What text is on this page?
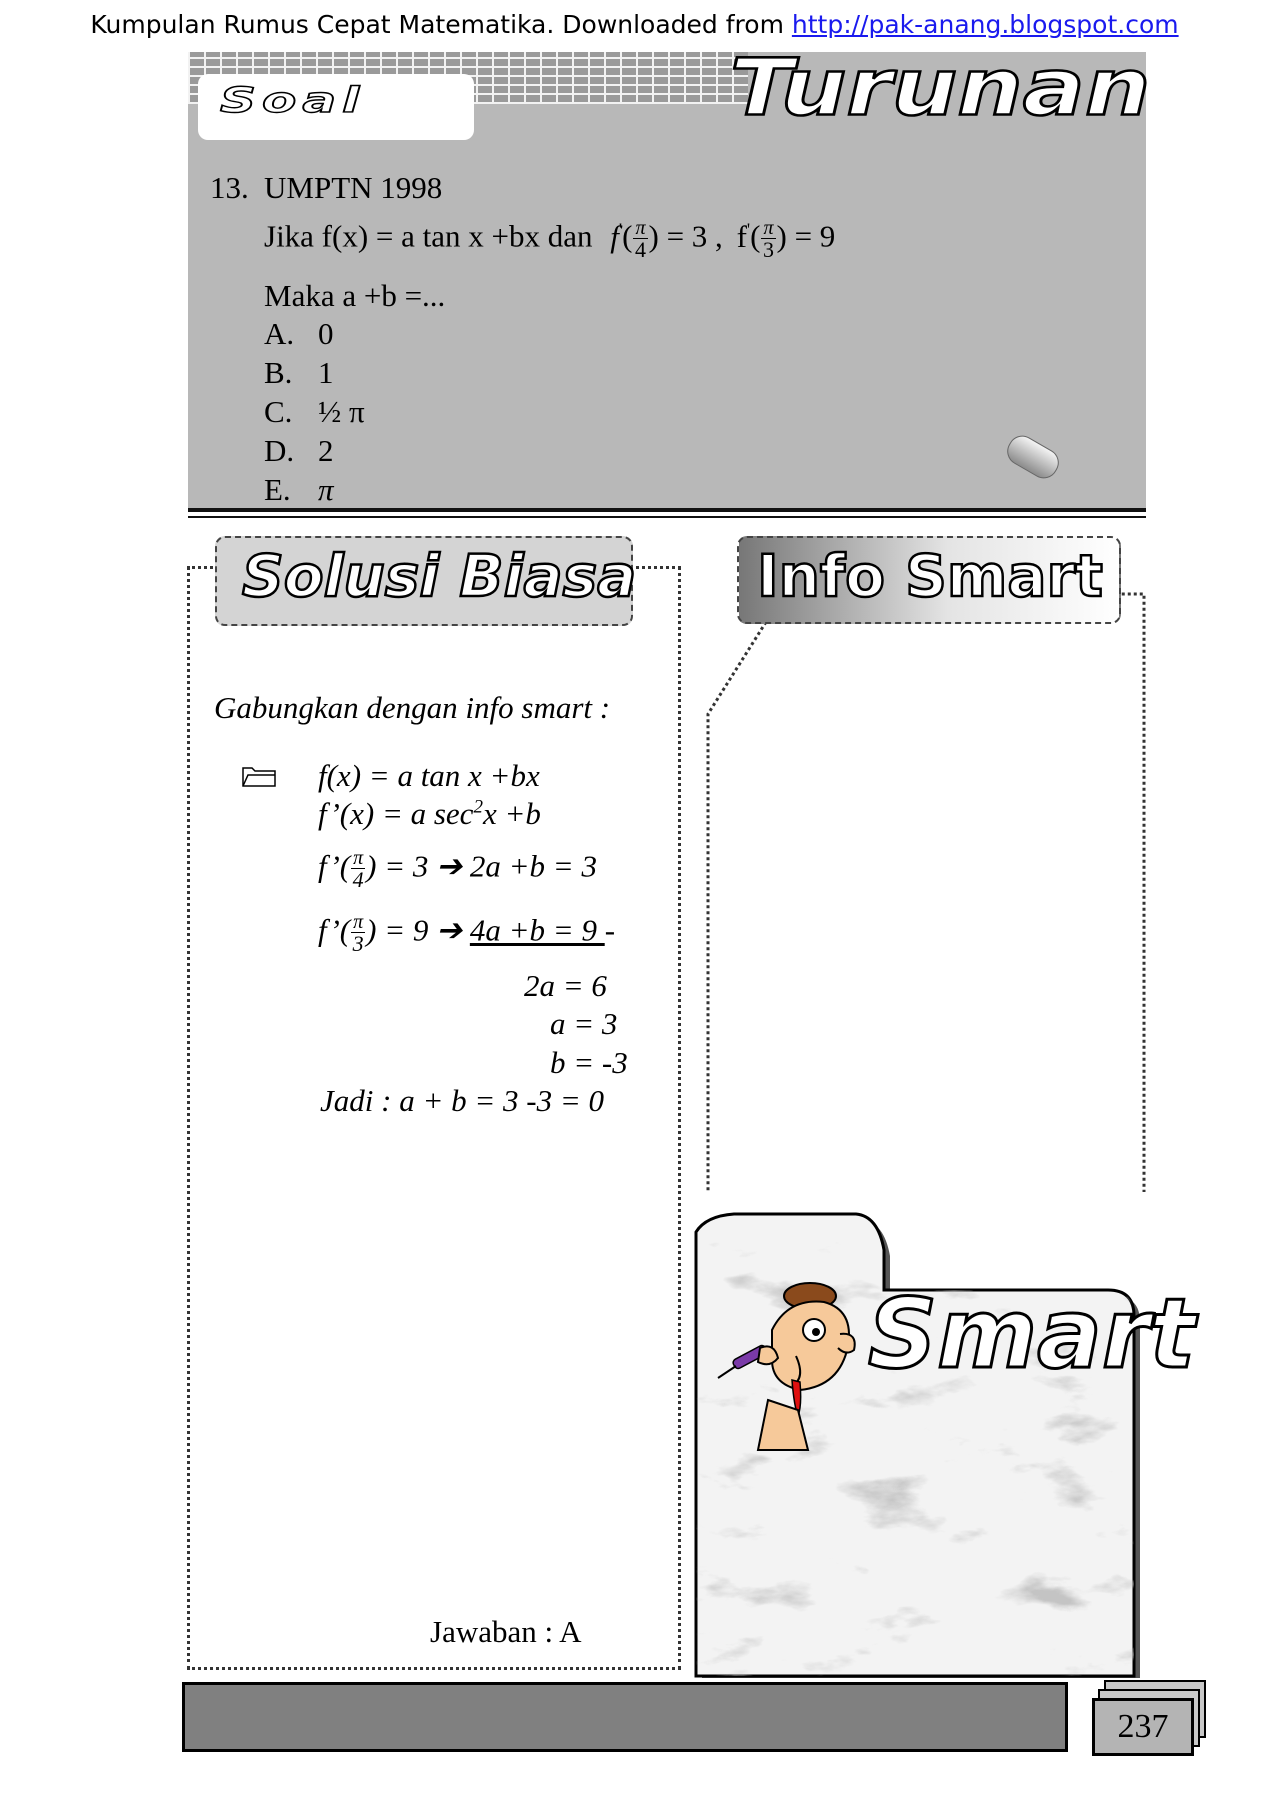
Kumpulan Rumus Cepat Matematika. Downloaded from http://pak-anang.blogspot.com
Soal	Turunan
13. UMPTN 1998
Jika f(x) = a tan x +bx dan $f'( \frac{\pi}{4}$ ) = 3 , $f'( \frac{\pi}{3}$ ) = 9
Maka a +b =...
A. 0
B. 1
C. ½ π
D. 2
E. π
Solusi Biasa
Gabungkan dengan info smart :
f(x) = a tan x +bx
f’(x) = a $\sec^2x +b$
f’( $\frac{\pi}{4}$ ) = 3 ➔ 2a +b = 3
f’( $\frac{\pi}{3}$ ) = 9 ➔ 4a +b = 9 -
2a = 6
a = 3
b = -3
Jadi : a + b = 3 -3 = 0
Jawaban : A
Info Smart
Smart
237
